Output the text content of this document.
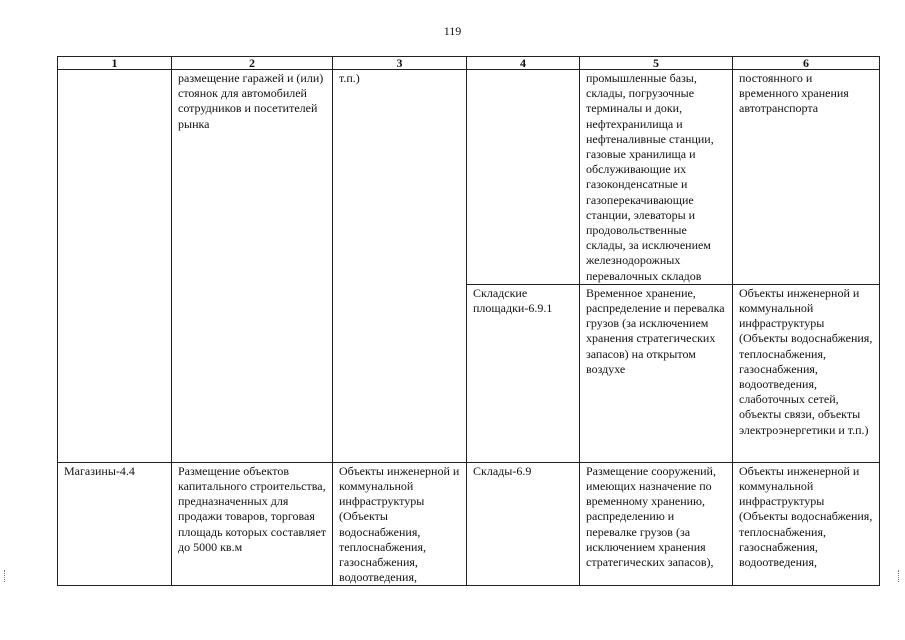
119
1	2	3	4	5	6
	размещение гаражей и (или) стоянок для автомобилей сотрудников и посетителей рынка	т.п.)		промышленные базы, склады, погрузочные терминалы и доки, нефтехранилища и нефтеналивные станции, газовые хранилища и обслуживающие их газоконденсатные и газоперекачивающие станции, элеваторы и продовольственные склады, за исключением железнодорожных перевалочных складов	постоянного и временного хранения автотранспорта
			Складские площадки-6.9.1	Временное хранение, распределение и перевалка грузов (за исключением хранения стратегических запасов) на открытом воздухе	Объекты инженерной и коммунальной инфраструктуры (Объекты водоснабжения, теплоснабжения, газоснабжения, водоотведения, слаботочных сетей, объекты связи, объекты электроэнергетики и т.п.)
Магазины-4.4	Размещение объектов капитального строительства, предназначенных для продажи товаров, торговая площадь которых составляет до 5000 кв.м	Объекты инженерной и коммунальной инфраструктуры (Объекты водоснабжения, теплоснабжения, газоснабжения, водоотведения,	Склады-6.9	Размещение сооружений, имеющих назначение по временному хранению, распределению и перевалке грузов (за исключением хранения стратегических запасов),	Объекты инженерной и коммунальной инфраструктуры (Объекты водоснабжения, теплоснабжения, газоснабжения, водоотведения,
